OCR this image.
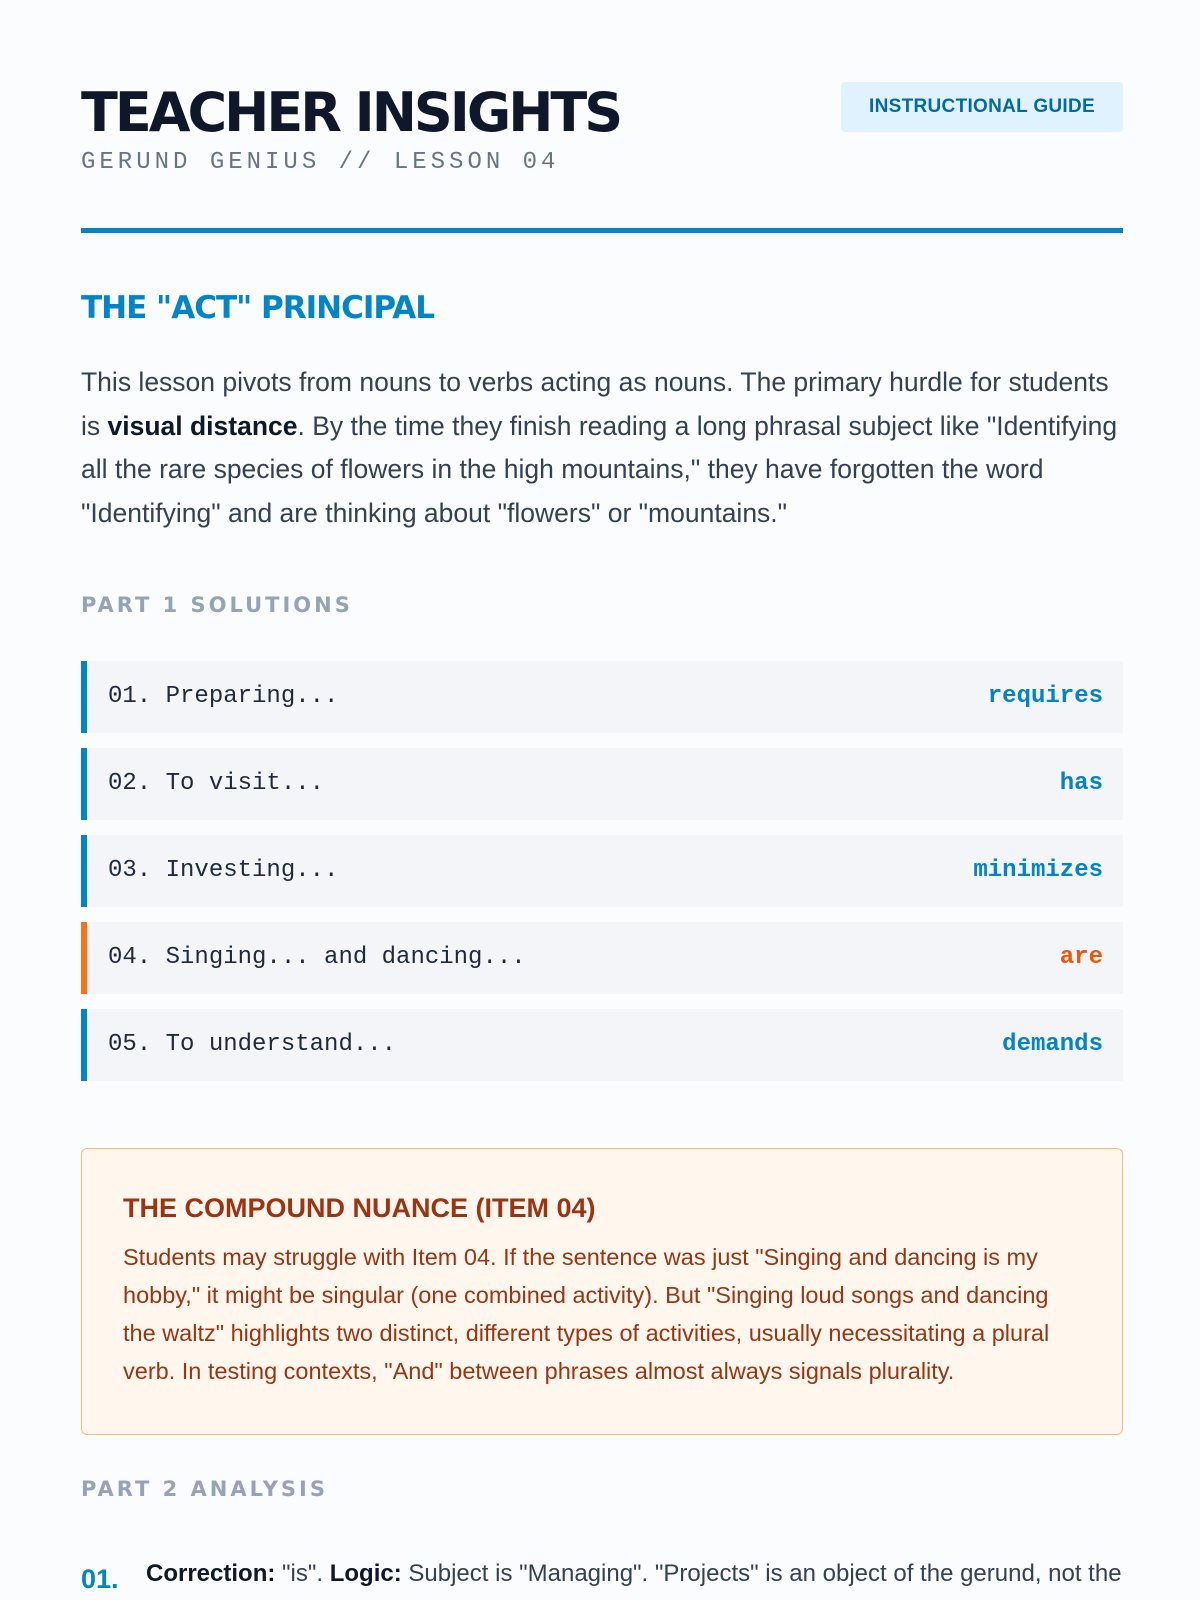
TEACHER INSIGHTS
GERUND GENIUS // LESSON 04
INSTRUCTIONAL GUIDE
THE "ACT" PRINCIPAL

This lesson pivots from nouns to verbs acting as nouns. The primary hurdle for students is visual distance. By the time they finish reading a long phrasal subject like "Identifying all the rare species of flowers in the high mountains," they have forgotten the word "Identifying" and are thinking about "flowers" or "mountains."

PART 1 SOLUTIONS
01. Preparing...	requires
02. To visit...	has
03. Investing...	minimizes
04. Singing... and dancing...	are
05. To understand...	demands
THE COMPOUND NUANCE (ITEM 04)

Students may struggle with Item 04. If the sentence was just "Singing and dancing is my hobby," it might be singular (one combined activity). But "Singing loud songs and dancing the waltz" highlights two distinct, different types of activities, usually necessitating a plural verb. In testing contexts, "And" between phrases almost always signals plurality.

PART 2 ANALYSIS
01. Correction: "is". Logic: Subject is "Managing". "Projects" is an object of the gerund, not the
